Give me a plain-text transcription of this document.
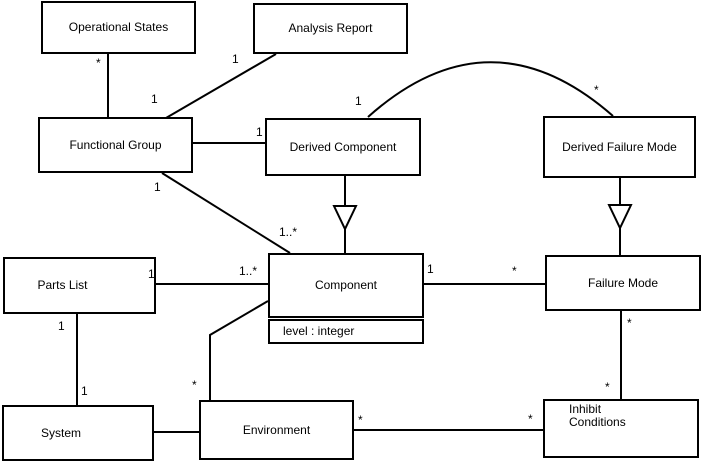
Operational States	Analysis Report
Functional Group	Derived Component	Derived Failure Mode
Parts List	Component
level : integer
Failure Mode
System	Environment
Inhibit Conditions
*
1
1
1
1
1..*
1	1..*	1	*
1
*
1
1	*
*	*
*
*
